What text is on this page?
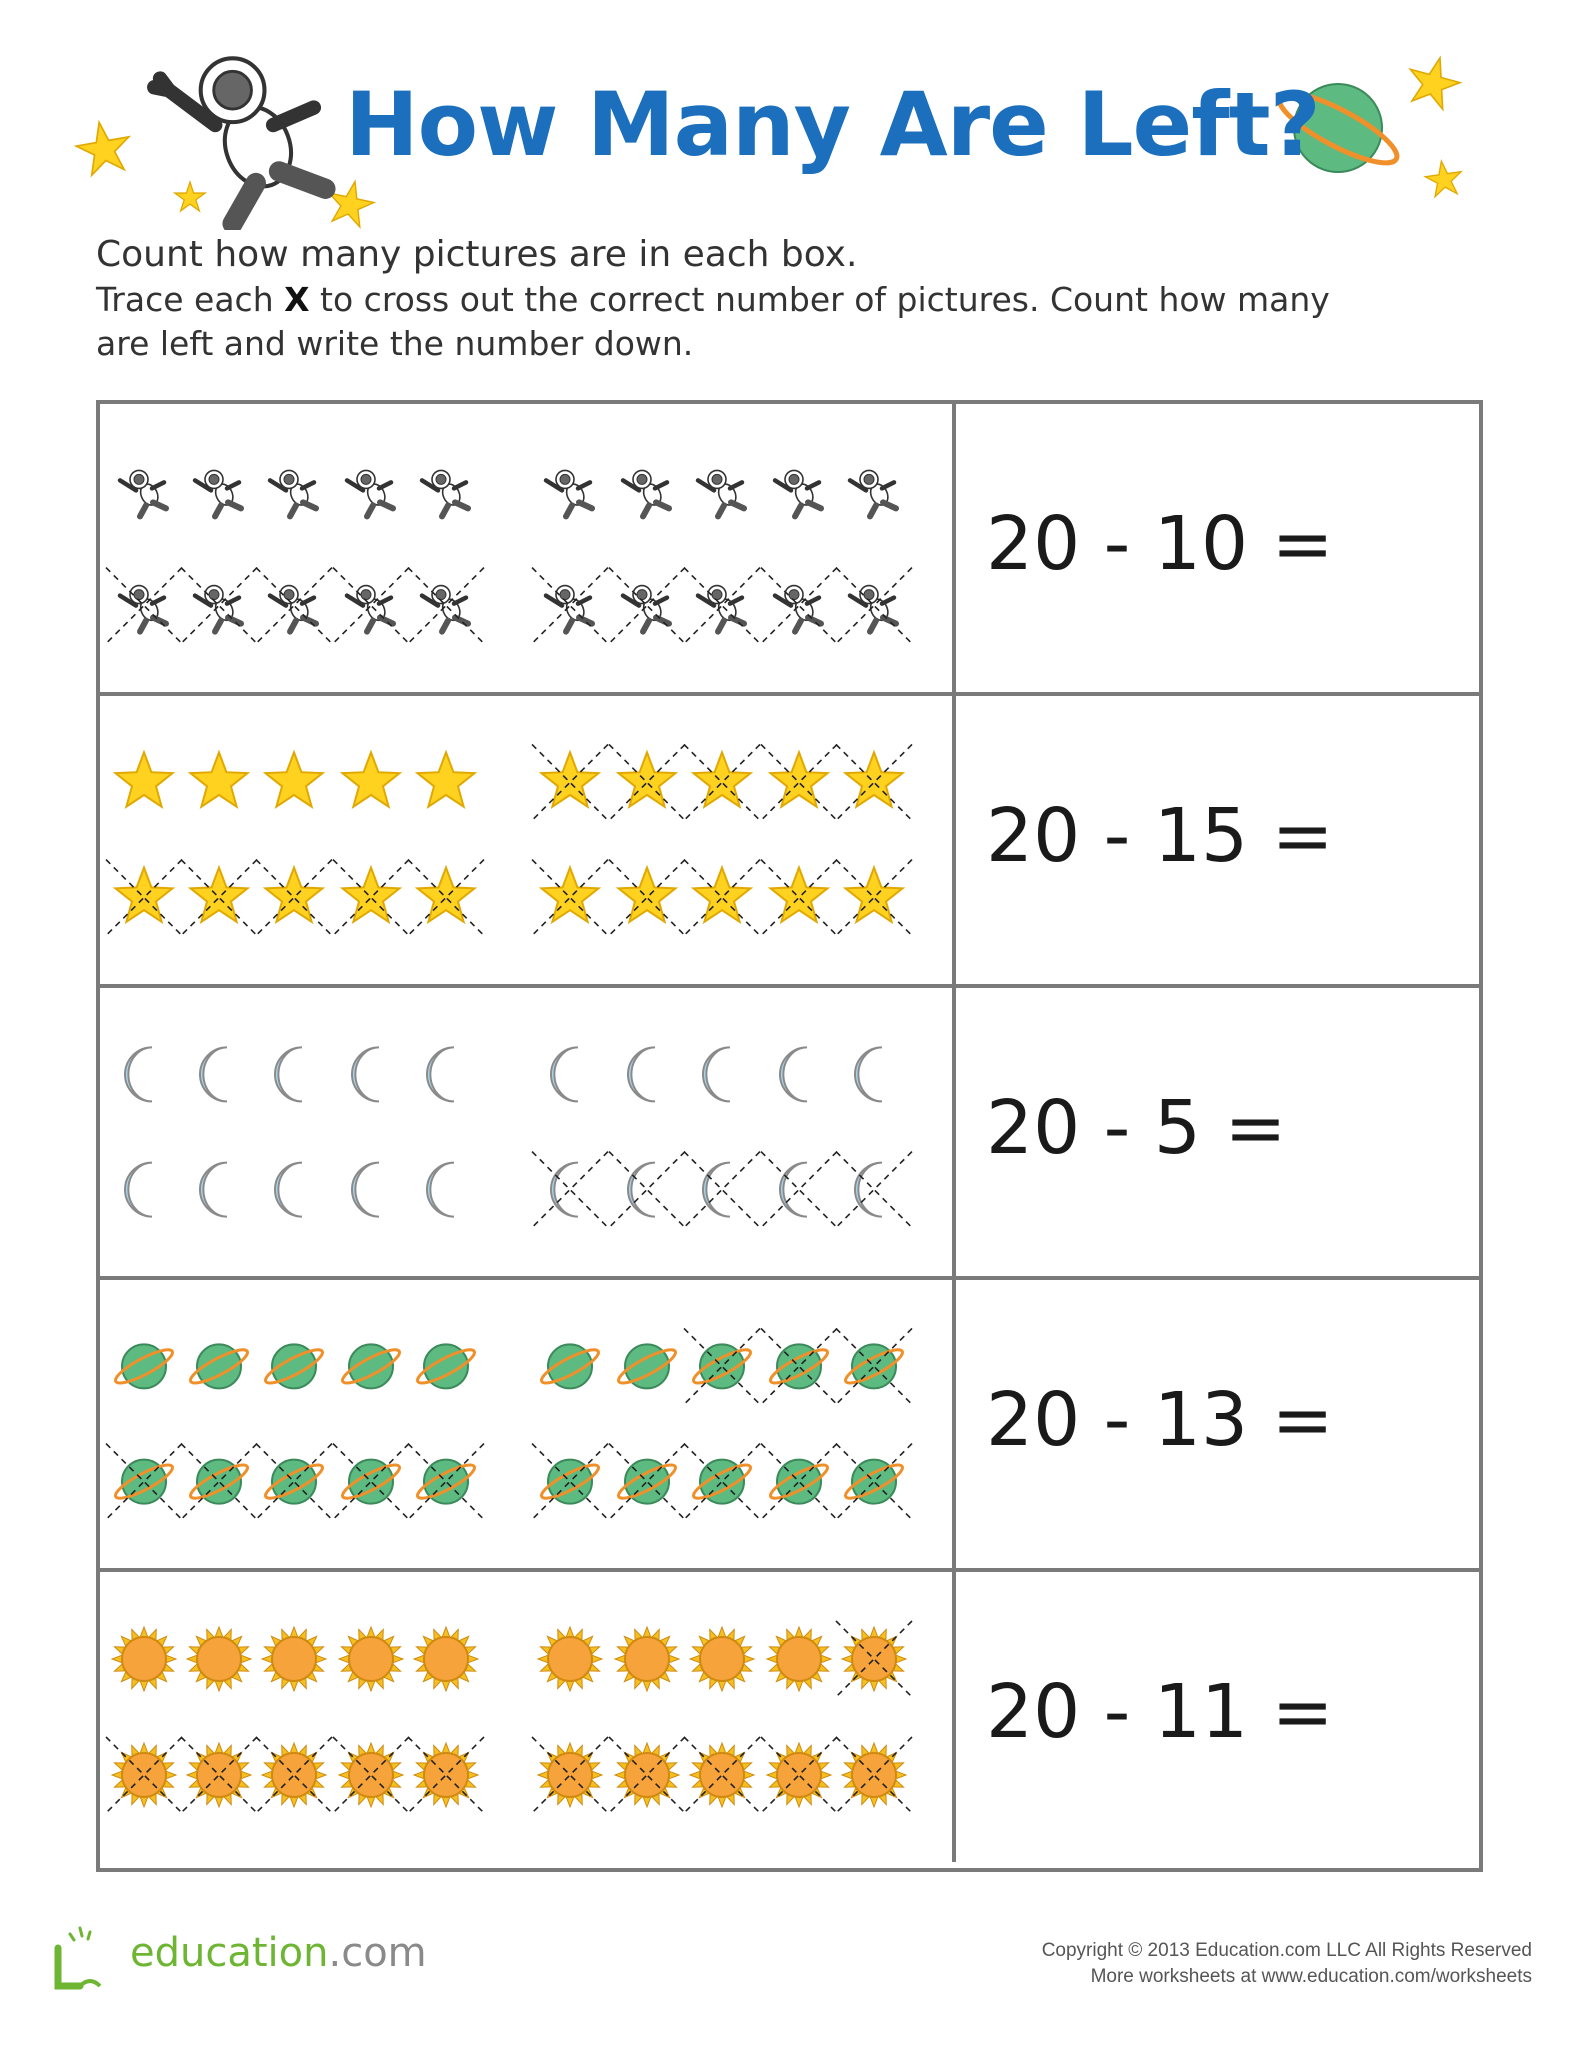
How Many Are Left?
Count how many pictures are in each box.
Trace each X to cross out the correct number of pictures. Count how many
are left and write the number down.
20 - 10 =
20 - 15 =
20 - 5 =
20 - 13 =
20 - 11 =
education.com	Copyright © 2013 Education.com LLC All Rights Reserved
More worksheets at www.education.com/worksheets
